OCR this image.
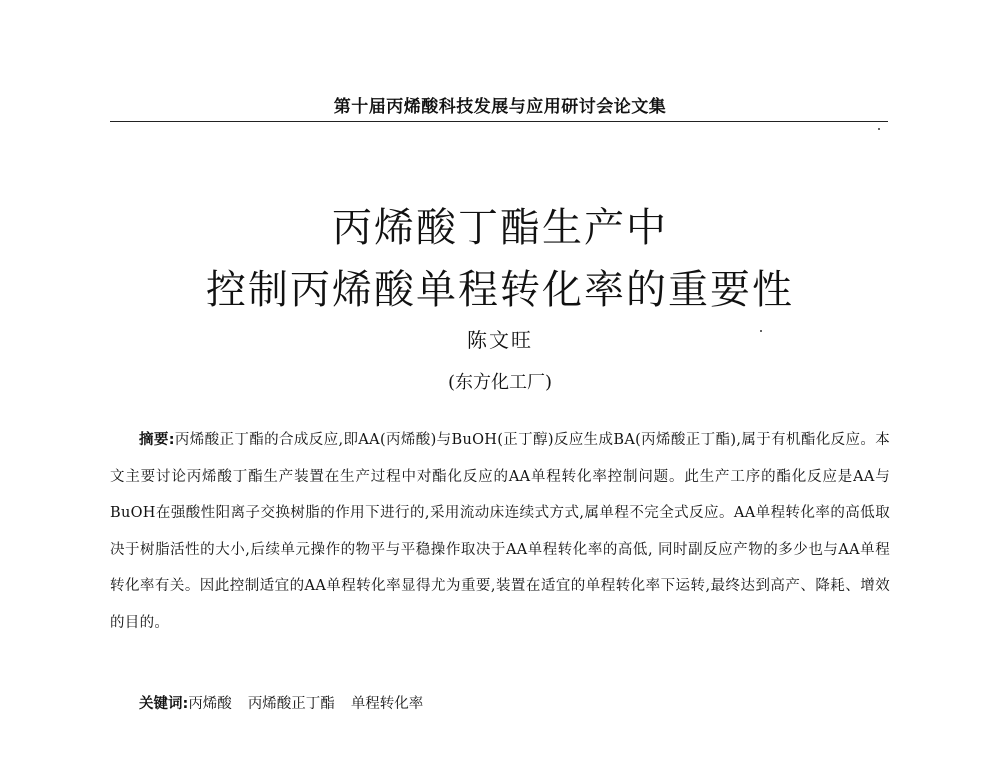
第十届丙烯酸科技发展与应用研讨会论文集
丙烯酸丁酯生产中
控制丙烯酸单程转化率的重要性
陈文旺
(东方化工厂)
摘要:丙烯酸正丁酯的合成反应,即AA(丙烯酸)与BuOH(正丁醇)反应生成BA(丙烯酸正丁酯),属于有机酯化反应。本文主要讨论丙烯酸丁酯生产装置在生产过程中对酯化反应的AA单程转化率控制问题。此生产工序的酯化反应是AA与BuOH在强酸性阳离子交换树脂的作用下进行的,采用流动床连续式方式,属单程不完全式反应。AA单程转化率的高低取决于树脂活性的大小,后续单元操作的物平与平稳操作取决于AA单程转化率的高低, 同时副反应产物的多少也与AA单程转化率有关。因此控制适宜的AA单程转化率显得尤为重要,装置在适宜的单程转化率下运转,最终达到高产、降耗、增效的目的。
关键词:丙烯酸 丙烯酸正丁酯 单程转化率
